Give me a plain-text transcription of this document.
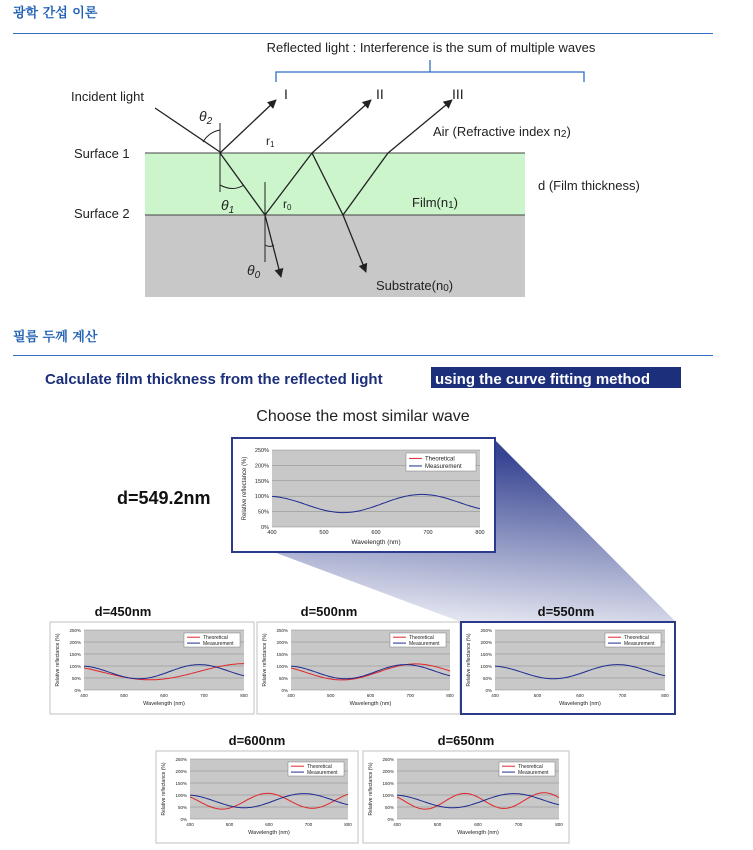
광학 간섭 이론
Reflected light : Interference is the sum of multiple waves
I	II	III
Incident light
Surface 1
Surface 2
Air (Refractive index n2)
d (Film thickness)
Film(n1)
Substrate(n0)
$\theta_2$
$\theta_1$
$\theta_0$
r1
r0
필름 두께 계산
Calculate film thickness from the reflected light	using the curve fitting method
Choose the most similar wave
d=549.2nm
250%
200%
150%
100%
50%
0%
400	500	600	700	800
Wavelength (nm)
Relative reflectance (%)	Theoretical
Measurement
d=450nm
250%
200%
150%
100%
50%
0%
400	500	600	700	800
Wavelength (nm)
Relative reflectance (%)	Theoretical
Measurement
d=500nm
250%
200%
150%
100%
50%
0%
400	500	600	700	800
Wavelength (nm)
Relative reflectance (%)	Theoretical
Measurement
d=550nm
250%
200%
150%
100%
50%
0%
400	500	600	700	800
Wavelength (nm)
Relative reflectance (%)	Theoretical
Measurement
d=600nm
250%
200%
150%
100%
50%
0%
400	500	600	700	800
Wavelength (nm)
Relative reflectance (%)	Theoretical
Measurement
d=650nm
250%
200%
150%
100%
50%
0%
400	500	600	700	800
Wavelength (nm)
Relative reflectance (%)	Theoretical
Measurement
